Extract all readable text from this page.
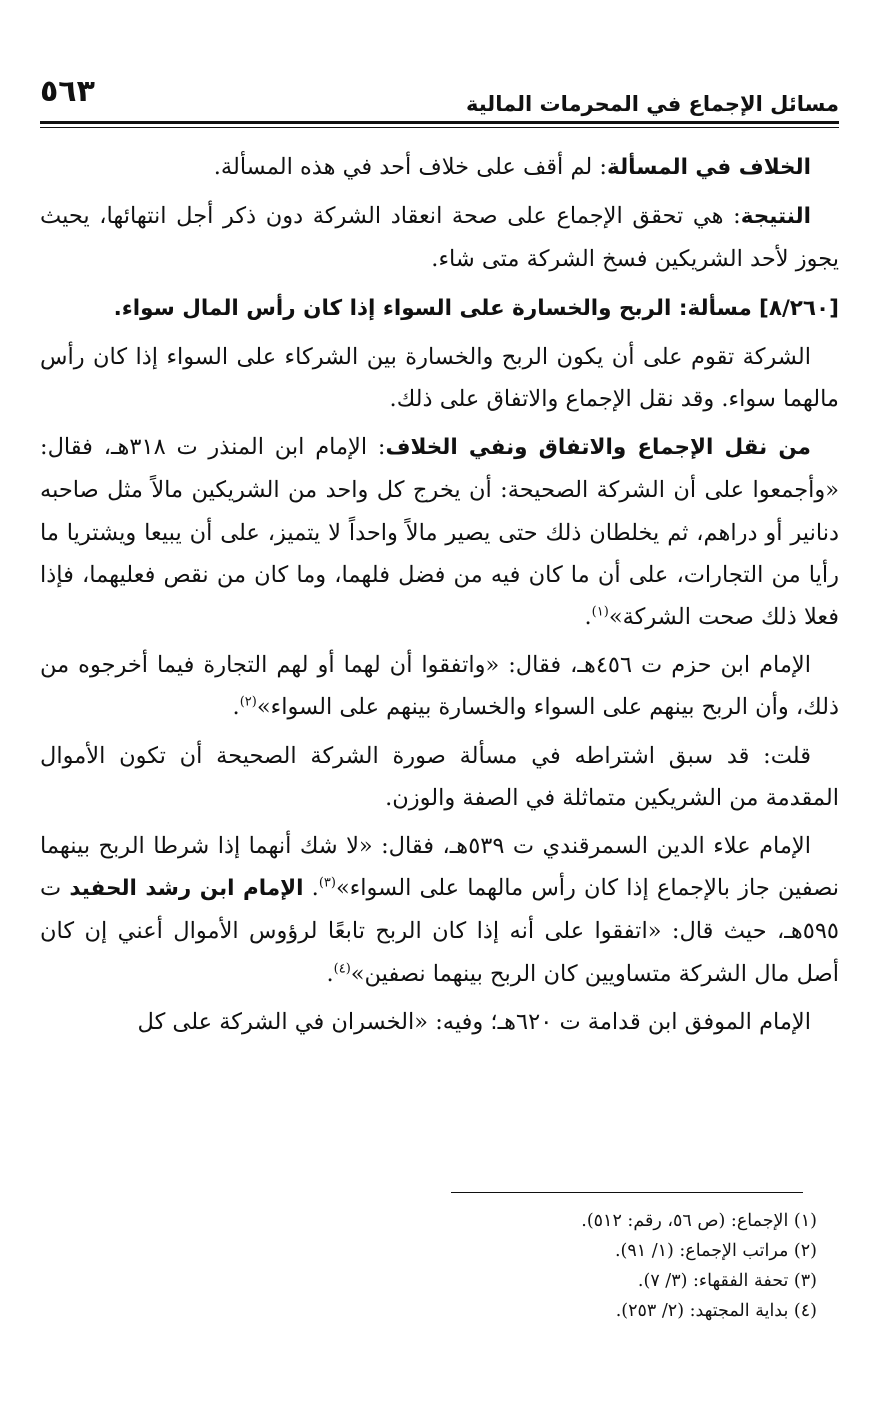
مسائل الإجماع في المحرمات المالية
٥٦٣

الخلاف في المسألة: لم أقف على خلاف أحد في هذه المسألة.

النتيجة: هي تحقق الإجماع على صحة انعقاد الشركة دون ذكر أجل انتهائها، يحيث يجوز لأحد الشريكين فسخ الشركة متى شاء.

[٨/٢٦٠] مسألة: الربح والخسارة على السواء إذا كان رأس المال سواء.

الشركة تقوم على أن يكون الربح والخسارة بين الشركاء على السواء إذا كان رأس مالهما سواء. وقد نقل الإجماع والاتفاق على ذلك.

من نقل الإجماع والاتفاق ونفي الخلاف: الإمام ابن المنذر ت ٣١٨هـ، فقال: «وأجمعوا على أن الشركة الصحيحة: أن يخرج كل واحد من الشريكين مالاً مثل صاحبه دنانير أو دراهم، ثم يخلطان ذلك حتى يصير مالاً واحداً لا يتميز، على أن يبيعا ويشتريا ما رأيا من التجارات، على أن ما كان فيه من فضل فلهما، وما كان من نقص فعليهما، فإذا فعلا ذلك صحت الشركة»$^{(١)}$.

الإمام ابن حزم ت ٤٥٦هـ، فقال: «واتفقوا أن لهما أو لهم التجارة فيما أخرجوه من ذلك، وأن الربح بينهم على السواء والخسارة بينهم على السواء»$^{(٢)}$.

قلت: قد سبق اشتراطه في مسألة صورة الشركة الصحيحة أن تكون الأموال المقدمة من الشريكين متماثلة في الصفة والوزن.

الإمام علاء الدين السمرقندي ت ٥٣٩هـ، فقال: «لا شك أنهما إذا شرطا الربح بينهما نصفين جاز بالإجماع إذا كان رأس مالهما على السواء»$^{(٣)}$. الإمام ابن رشد الحفيد ت ٥٩٥هـ، حيث قال: «اتفقوا على أنه إذا كان الربح تابعًا لرؤوس الأموال أعني إن كان أصل مال الشركة متساويين كان الربح بينهما نصفين»$^{(٤)}$.

الإمام الموفق ابن قدامة ت ٦٢٠هـ؛ وفيه: «الخسران في الشركة على كل

(١) الإجماع: (ص ٥٦، رقم: ٥١٢).
(٢) مراتب الإجماع: (١/ ٩١).
(٣) تحفة الفقهاء: (٣/ ٧).
(٤) بداية المجتهد: (٢/ ٢٥٣).
